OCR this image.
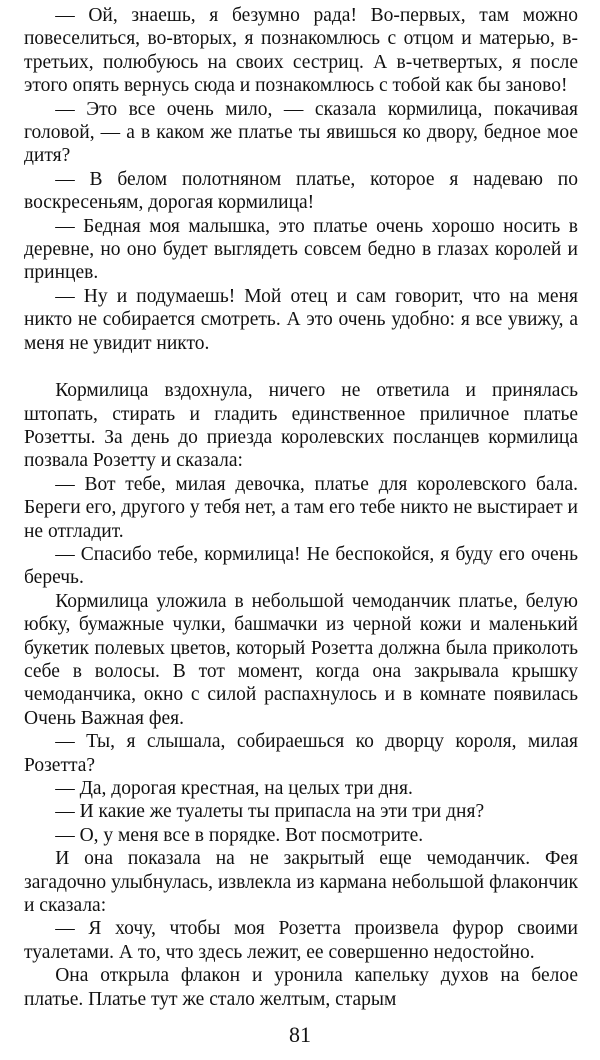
— Ой, знаешь, я безумно рада! Во-первых, там можно повеселиться, во-вторых, я познакомлюсь с отцом и матерью, в-третьих, полюбуюсь на своих сестриц. А в-четвертых, я после этого опять вернусь сюда и познакомлюсь с тобой как бы заново!

— Это все очень мило, — сказала кормилица, покачивая головой, — а в каком же платье ты явишься ко двору, бедное мое дитя?

— В белом полотняном платье, которое я надеваю по воскресеньям, дорогая кормилица!

— Бедная моя малышка, это платье очень хорошо носить в деревне, но оно будет выглядеть совсем бедно в глазах королей и принцев.

— Ну и подумаешь! Мой отец и сам говорит, что на меня никто не собирается смотреть. А это очень удобно: я все увижу, а меня не увидит никто.

Кормилица вздохнула, ничего не ответила и принялась штопать, стирать и гладить единственное приличное платье Розетты. За день до приезда королевских посланцев кормилица позвала Розетту и сказала:

— Вот тебе, милая девочка, платье для королевского бала. Береги его, другого у тебя нет, а там его тебе никто не выстирает и не отгладит.

— Спасибо тебе, кормилица! Не беспокойся, я буду его очень беречь.

Кормилица уложила в небольшой чемоданчик платье, белую юбку, бумажные чулки, башмачки из черной кожи и маленький букетик полевых цветов, который Розетта должна была приколоть себе в волосы. В тот момент, когда она закрывала крышку чемоданчика, окно с силой распахнулось и в комнате появилась Очень Важная фея.

— Ты, я слышала, собираешься ко дворцу короля, милая Розетта?

— Да, дорогая крестная, на целых три дня.

— И какие же туалеты ты припасла на эти три дня?

— О, у меня все в порядке. Вот посмотрите.

И она показала на не закрытый еще чемоданчик. Фея загадочно улыбнулась, извлекла из кармана небольшой флакончик и сказала:

— Я хочу, чтобы моя Розетта произвела фурор своими туалетами. А то, что здесь лежит, ее совершенно недостойно.

Она открыла флакон и уронила капельку духов на белое платье. Платье тут же стало желтым, старым

81
